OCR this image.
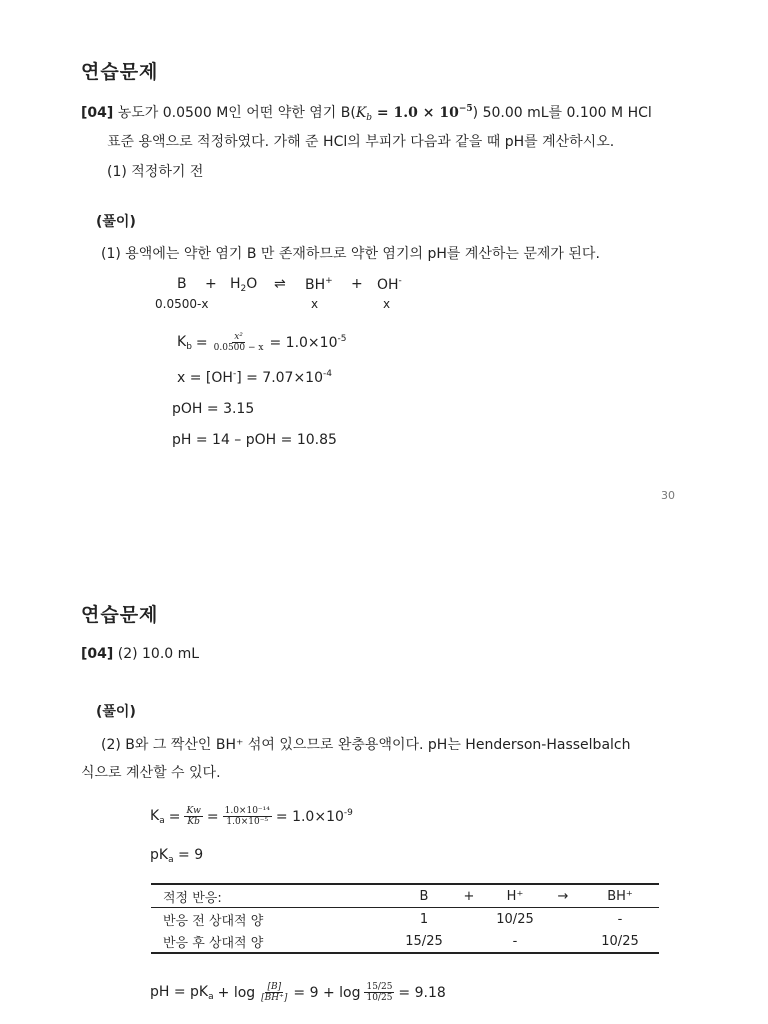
연습문제
[04] 농도가 0.0500 M인 어떤 약한 염기 $B(K_b = 1.0 \times 10^{-5})$ 50.00 mL를 0.100 M HCl
표준 용액으로 적정하였다. 가해 준 HCl의 부피가 다음과 같을 때 pH를 계산하시오.
(1) 적정하기 전
(풀이)
(1) 용액에는 약한 염기 B 만 존재하므로 약한 염기의 pH를 계산하는 문제가 된다.
$B + H_2O$ ⇌ BH+ + OH-
0.0500-x	x	x
$K_b = \frac{\text{x²}}{0.0500 - x} = 1.0\times 10^{-5}$
$x = [OH^-] = 7.07\times 10^{-4}$
pOH = 3.15
pH = 14 – pOH = 10.85
30
연습문제
[04] (2) 10.0 mL
(풀이)
(2) B와 그 짝산인 BH⁺ 섞여 있으므로 완충용액이다. pH는 Henderson-Hasselbalch
식으로 계산할 수 있다.
$K_a = \frac{Kw}{Kb} = \frac{\text{1.0×10⁻¹⁴}}{\text{1.0×10⁻⁵}} = 1.0\times 10^{-9}$
$pK_a = 9$
적정 반응:	B	+	H⁺	→	BH⁺
반응 전 상대적 양	1		10/25		-
반응 후 상대적 양	15/25		-		10/25
pH = $pK_a + \log \frac{[B]}{[BH^+]} = 9 + \log \frac{15/25}{10/25} = 9.18$
